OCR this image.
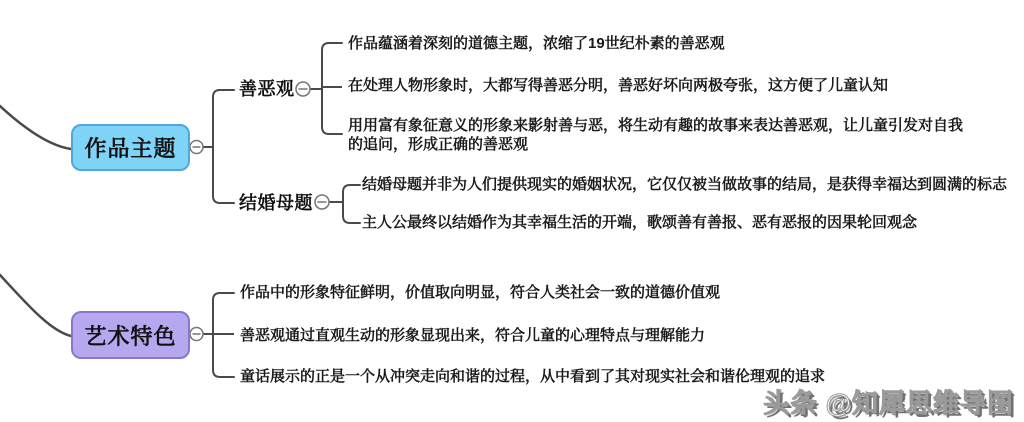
作品主题
艺术特色
善恶观
结婚母题
作品蕴涵着深刻的道德主题，浓缩了19世纪朴素的善恶观
在处理人物形象时，大都写得善恶分明，善恶好坏向两极夸张，这方便了儿童认知
用用富有象征意义的形象来影射善与恶，将生动有趣的故事来表达善恶观，让儿童引发对自我的追问，形成正确的善恶观
结婚母题并非为人们提供现实的婚姻状况，它仅仅被当做故事的结局，是获得幸福达到圆满的标志
主人公最终以结婚作为其幸福生活的开端，歌颂善有善报、恶有恶报的因果轮回观念
作品中的形象特征鲜明，价值取向明显，符合人类社会一致的道德价值观
善恶观通过直观生动的形象显现出来，符合儿童的心理特点与理解能力
童话展示的正是一个从冲突走向和谐的过程，从中看到了其对现实社会和谐伦理观的追求
头条 @知犀思维导图
